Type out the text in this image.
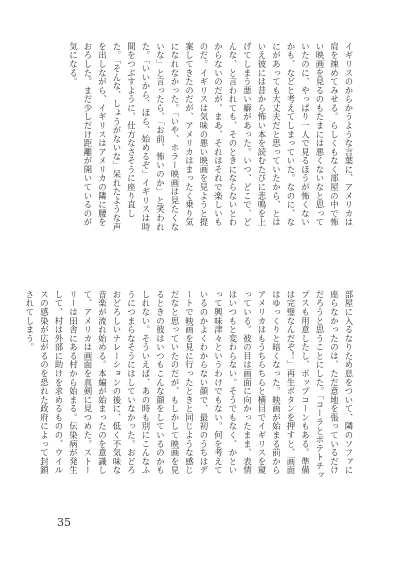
イギリスのからかうような言葉に、アメリカは肩を竦めてみせる。らしくもなく部屋の中で怖い映画を見るのもたまには悪くないなと思っていたのに、やっぱり一人で見るほうが怖くないかも、などと考えてしまっていた。なのに、なにがあっても大丈夫だと思っていたから、とはいえ彼には昔から怖い本を読むたびに悲鳴を上げてしまう悪い癖があった。いつ、どこで、どんな、と言われても、そのときにならないとわからないのだが、まあ、それはそれで楽しいものだ。イギリスは気味の悪い映画を見ようと提案してきたのだが、アメリカはまったく乗り気になれなかった。「いや、ホラー映画は見たくないな」と言ったら、「お前、怖いのか」と笑われた。「いいから、ほら、始めるぞ」イギリスは時間をつぶすように、仕方なさそうに座り直した。「そんな、しょうがないな」呆れたような声を出しながら、イギリスはアメリカの隣に腰をおろした。まだ少しだけ距離が開いているのが気になる。

部屋に入るなりため息をついて、隣のソファに座らなかったのは、ただ意地を張っているだけだろうと思うことにした。「コーラとポテトチップスも用意したし、ポップコーンもある。準備は完璧なんだぞ！」再生ボタンを押すと、画面はゆっくりと暗くなった。映画が始まる前からアメリカはもうちらちらと横目でイギリスを窺っている。彼の目は画面に向かったまま、表情はいつもと変わらない。そうでもなく、かといって興味津々というわけでもない。何を考えているのかよくわからない顔で、最初のうちはデートで映画を見に行ったときと同じような感じだなと思っていたのだが、もしかして映画を見るときの彼はいつもこんな顔をしているのかもしれない。そういえば、あの時も別にこんなふうにつまらなそうにはしていなかった。おどろおどろしいナレーションの後に、低く不気味な音楽が流れ始める。本編が始まったのを意識して、アメリカは画面を真剣に見つめた。ストーリーは田舎にある村から始まる。伝染病が発生して、村は外部に助けを求めるものの、ウイルスの感染が広がるのを恐れた政府によって封鎖されてしまう。

35
